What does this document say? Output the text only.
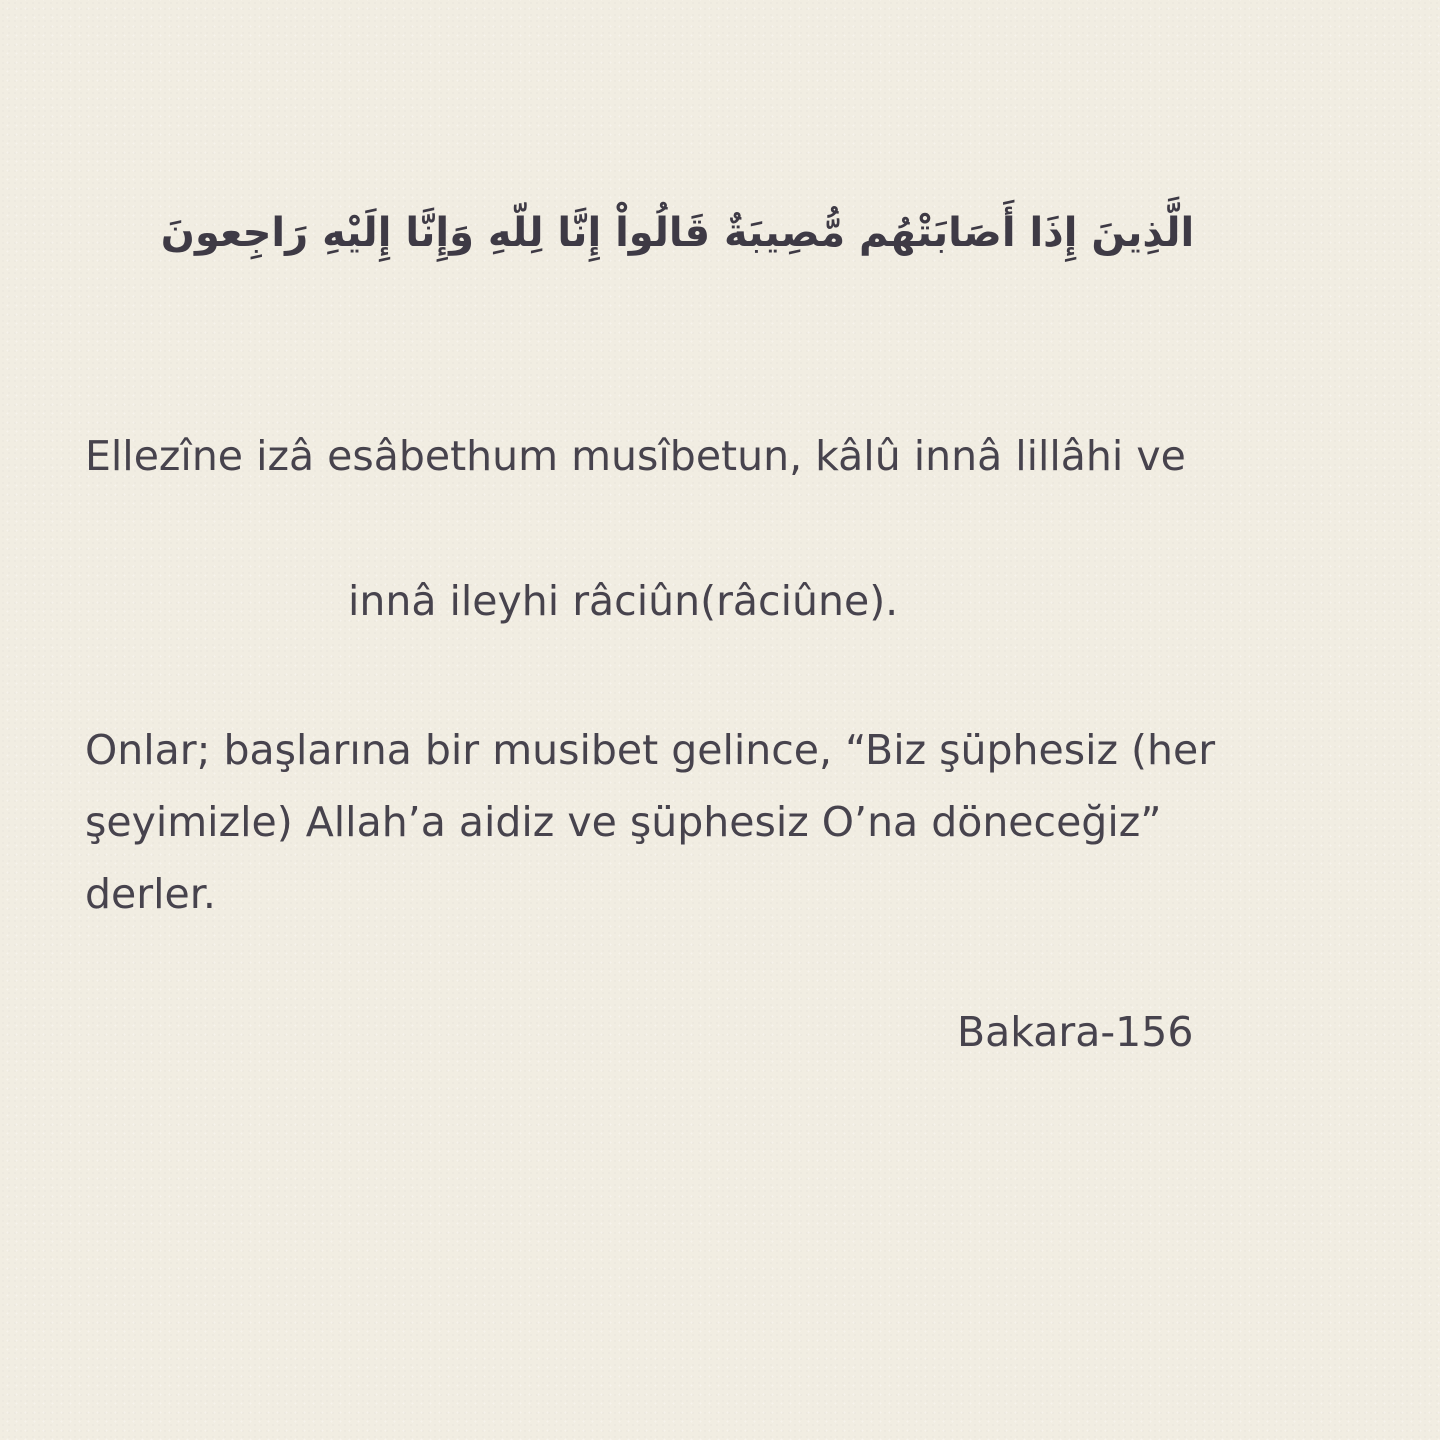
الَّذِينَ إِذَا أَصَابَتْهُم مُّصِيبَةٌ قَالُواْ إِنَّا لِلّهِ وَإِنَّا إِلَيْهِ رَاجِعونَ
Ellezîne izâ esâbethum musîbetun, kâlû innâ lillâhi ve
innâ ileyhi râciûn(râciûne).
Onlar; başlarına bir musibet gelince, “Biz şüphesiz (her
şeyimizle) Allah’a aidiz ve şüphesiz O’na döneceğiz”
derler.
Bakara-156
